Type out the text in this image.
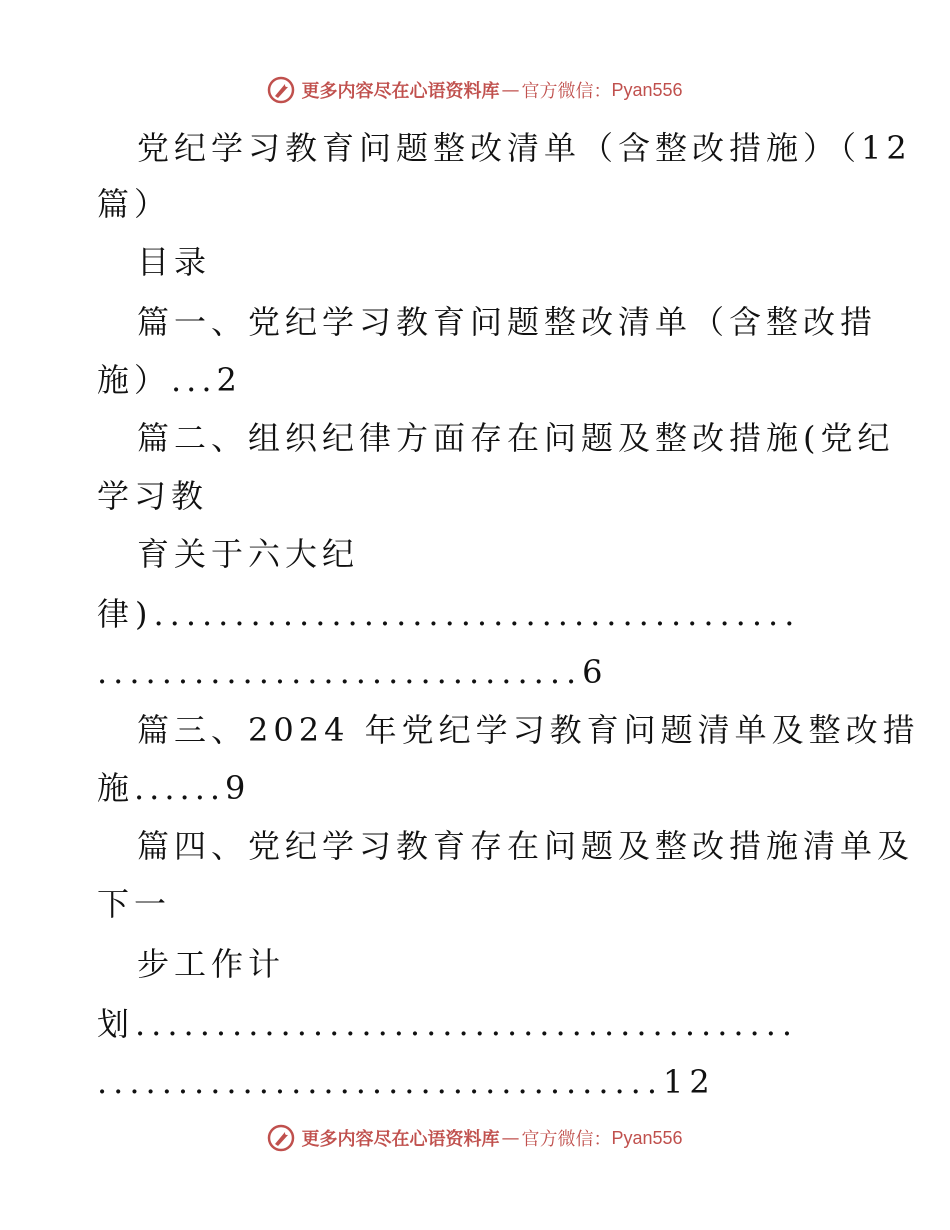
更多内容尽在心语资料库 — 官方微信： Pyan556
党纪学习教育问题整改清单（含整改措施）（12
篇）
目录
篇一、党纪学习教育问题整改清单（含整改措
施）...2
篇二、组织纪律方面存在问题及整改措施(党纪
学习教
育关于六大纪
律)........................................
..............................6
篇三、2024 年党纪学习教育问题清单及整改措
施......9
篇四、党纪学习教育存在问题及整改措施清单及
下一
步工作计
划.........................................
...................................12
更多内容尽在心语资料库 — 官方微信： Pyan556
